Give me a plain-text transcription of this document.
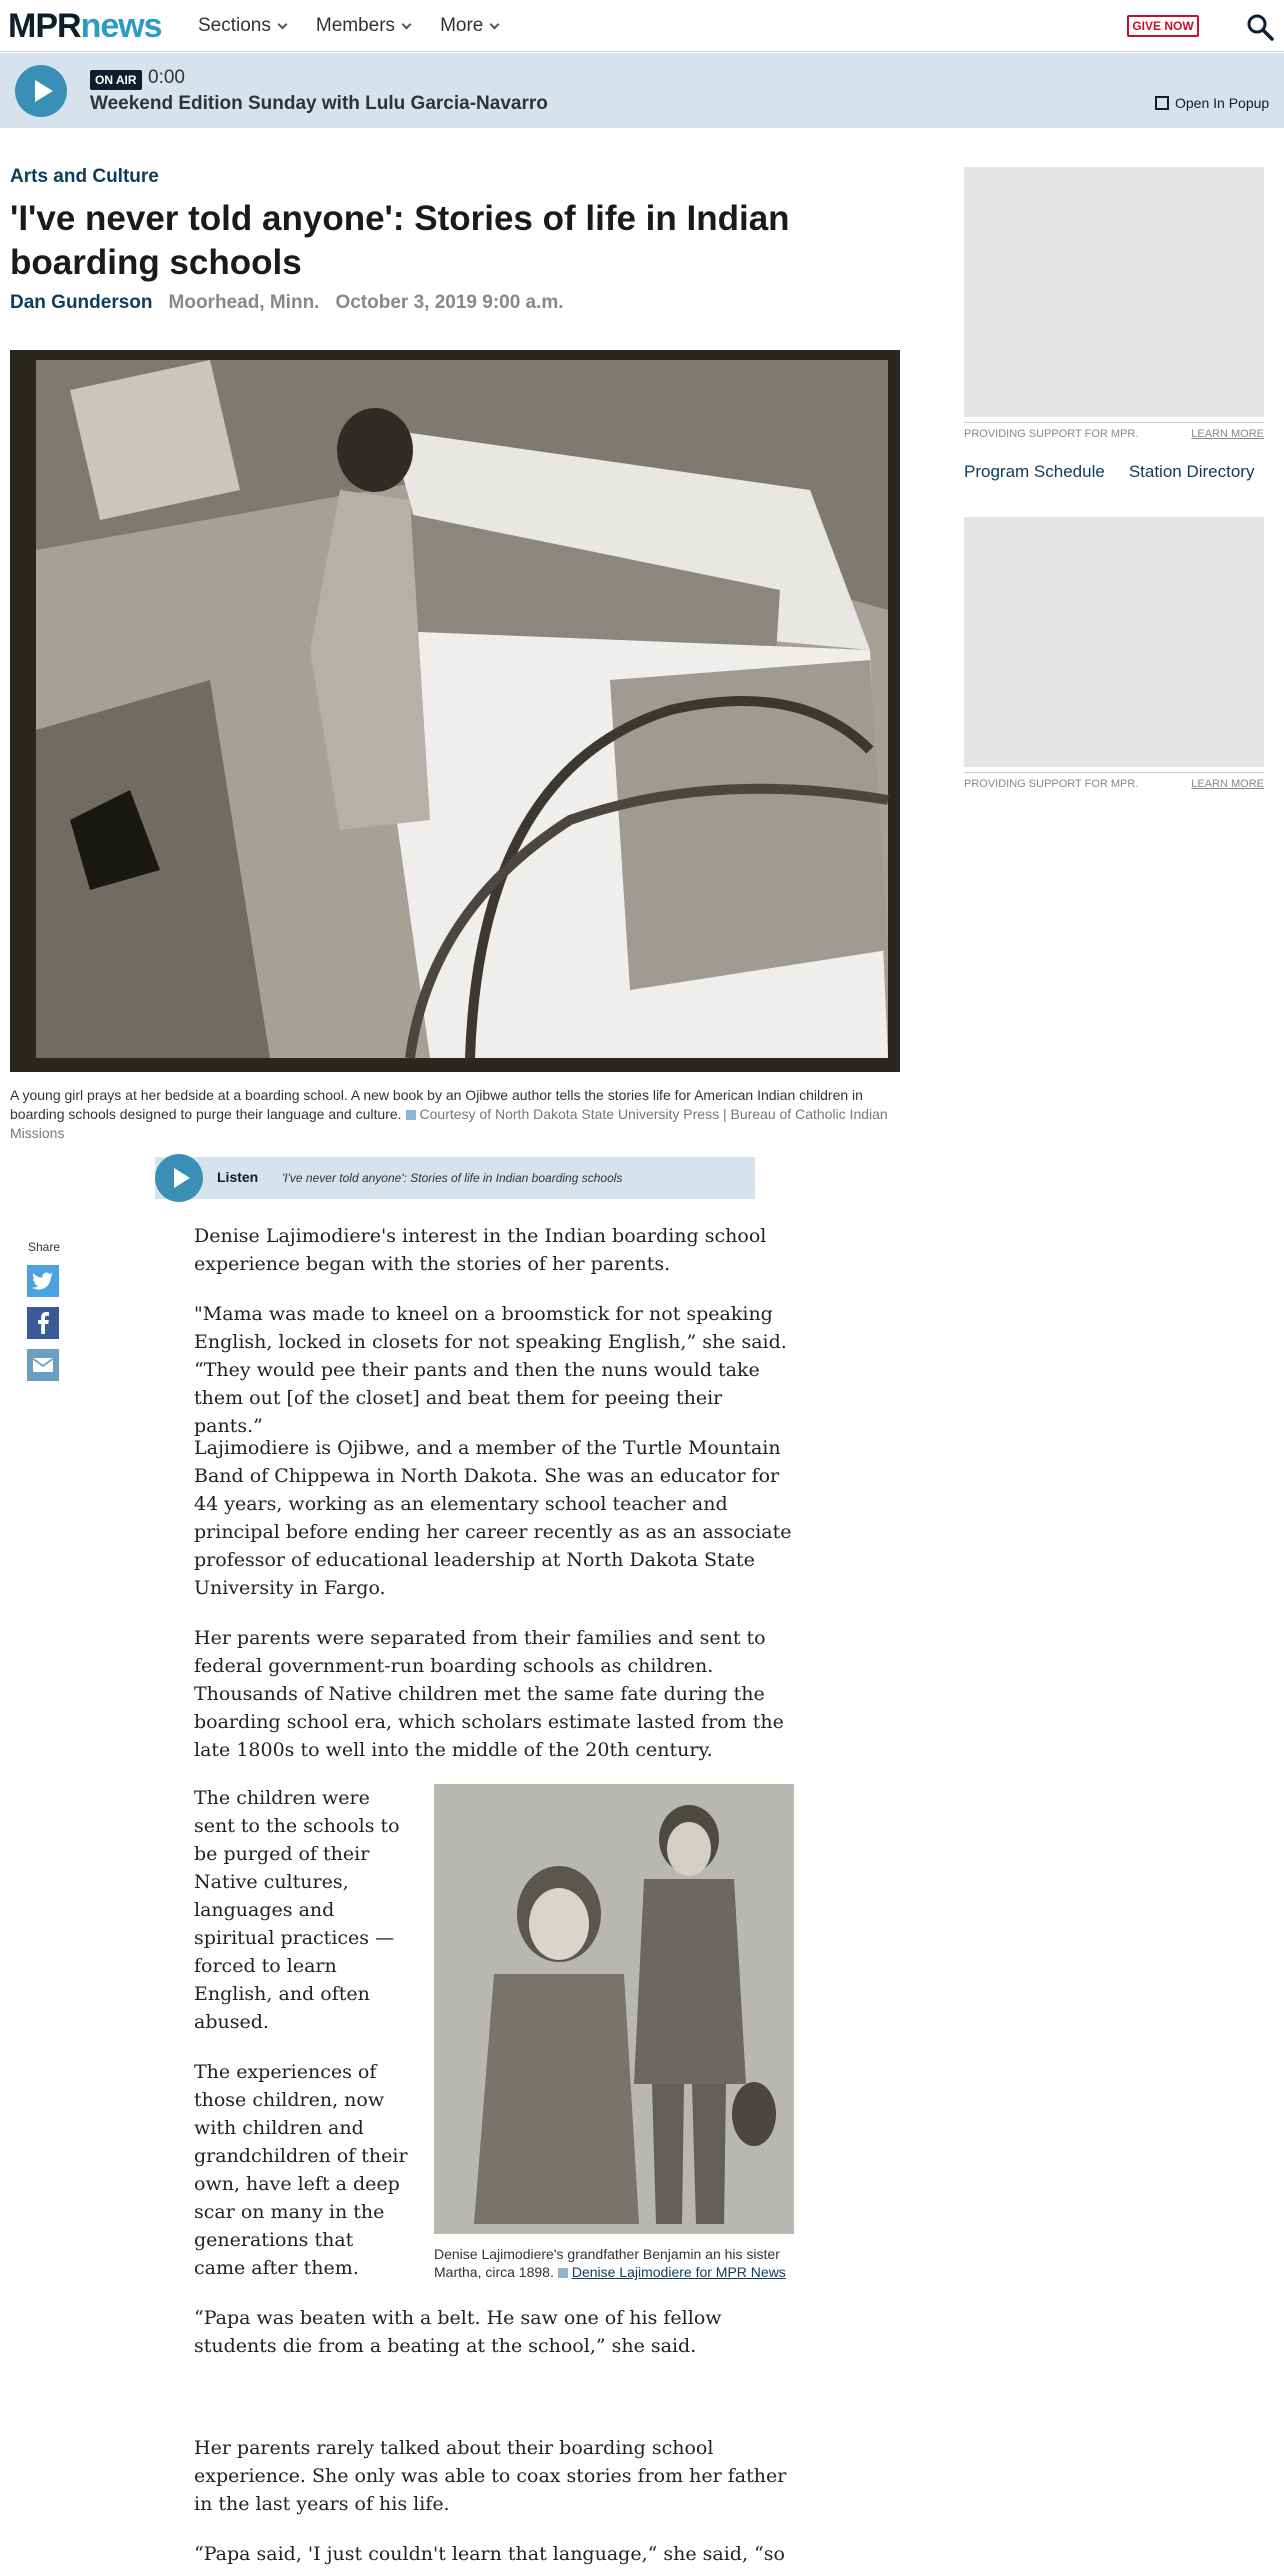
MPR news Sections Members More	GIVE NOW
ON AIR 0:00
Weekend Edition Sunday with Lulu Garcia-Navarro	Open In Popup
Arts and Culture
'I've never told anyone': Stories of life in Indian boarding schools
Dan Gunderson Moorhead, Minn. October 3, 2019 9:00 a.m.
A young girl prays at her bedside at a boarding school. A new book by an Ojibwe author tells the stories life for American Indian children in boarding schools designed to purge their language and culture. Courtesy of North Dakota State University Press | Bureau of Catholic Indian Missions
Listen 'I've never told anyone': Stories of life in Indian boarding schools
Share	Denise Lajimodiere's interest in the Indian boarding school experience began with the stories of her parents.

"Mama was made to kneel on a broomstick for not speaking English, locked in closets for not speaking English,” she said. “They would pee their pants and then the nuns would take them out [of the closet] and beat them for peeing their pants.”

Lajimodiere is Ojibwe, and a member of the Turtle Mountain Band of Chippewa in North Dakota. She was an educator for 44 years, working as an elementary school teacher and principal before ending her career recently as as an associate professor of educational leadership at North Dakota State University in Fargo.

Her parents were separated from their families and sent to federal government-run boarding schools as children. Thousands of Native children met the same fate during the boarding school era, which scholars estimate lasted from the late 1800s to well into the middle of the 20th century.

The children were sent to the schools to be purged of their Native cultures, languages and spiritual practices — forced to learn English, and often abused.

The experiences of those children, now with children and grandchildren of their own, have left a deep scar on many in the generations that came after them.

“Papa was beaten with a belt. He saw one of his fellow students die from a beating at the school,” she said.

Her parents rarely talked about their boarding school experience. She only was able to coax stories from her father in the last years of his life.

“Papa said, 'I just couldn't learn that language,“ she said, “so

Denise Lajimodiere's grandfather Benjamin an his sister Martha, circa 1898. Denise Lajimodiere for MPR News
PROVIDING SUPPORT FOR MPR.	LEARN MORE
Program Schedule Station Directory
PROVIDING SUPPORT FOR MPR.	LEARN MORE
